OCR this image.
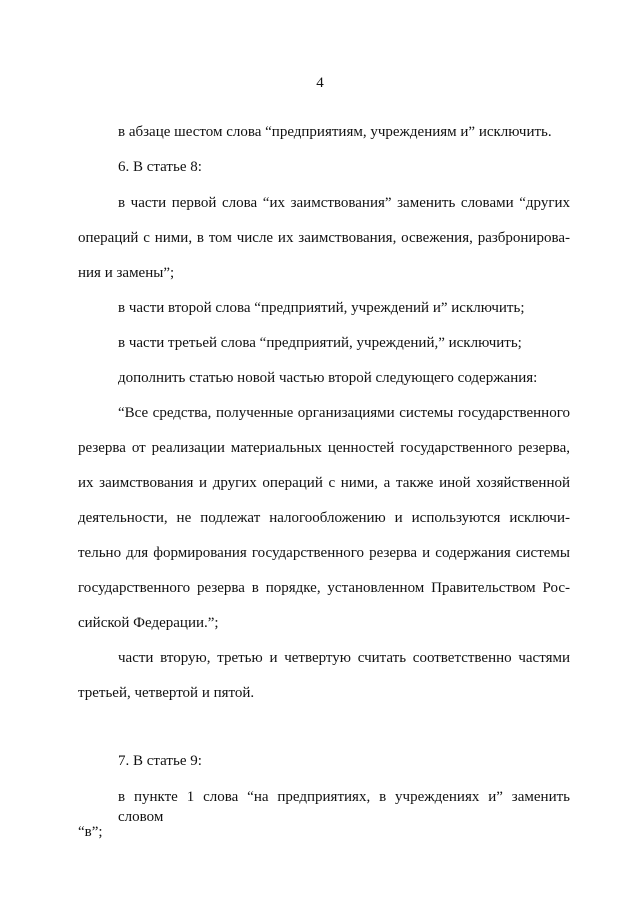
4
в абзаце шестом слова “предприятиям, учреждениям и” исключить.
6. В статье 8:
в части первой слова “их заимствования” заменить словами “других
операций с ними, в том числе их заимствования, освежения, разбронирова-
ния и замены”;
в части второй слова “предприятий, учреждений и” исключить;
в части третьей слова “предприятий, учреждений,” исключить;
дополнить статью новой частью второй следующего содержания:
“Все средства, полученные организациями системы государственного
резерва от реализации материальных ценностей государственного резерва,
их заимствования и других операций с ними, а также иной хозяйственной
деятельности, не подлежат налогообложению и используются исключи-
тельно для формирования государственного резерва и содержания системы
государственного резерва в порядке, установленном Правительством Рос-
сийской Федерации.”;
части вторую, третью и четвертую считать соответственно частями
третьей, четвертой и пятой.
7. В статье 9:
в пункте 1 слова “на предприятиях, в учреждениях и” заменить словом
“в”;
